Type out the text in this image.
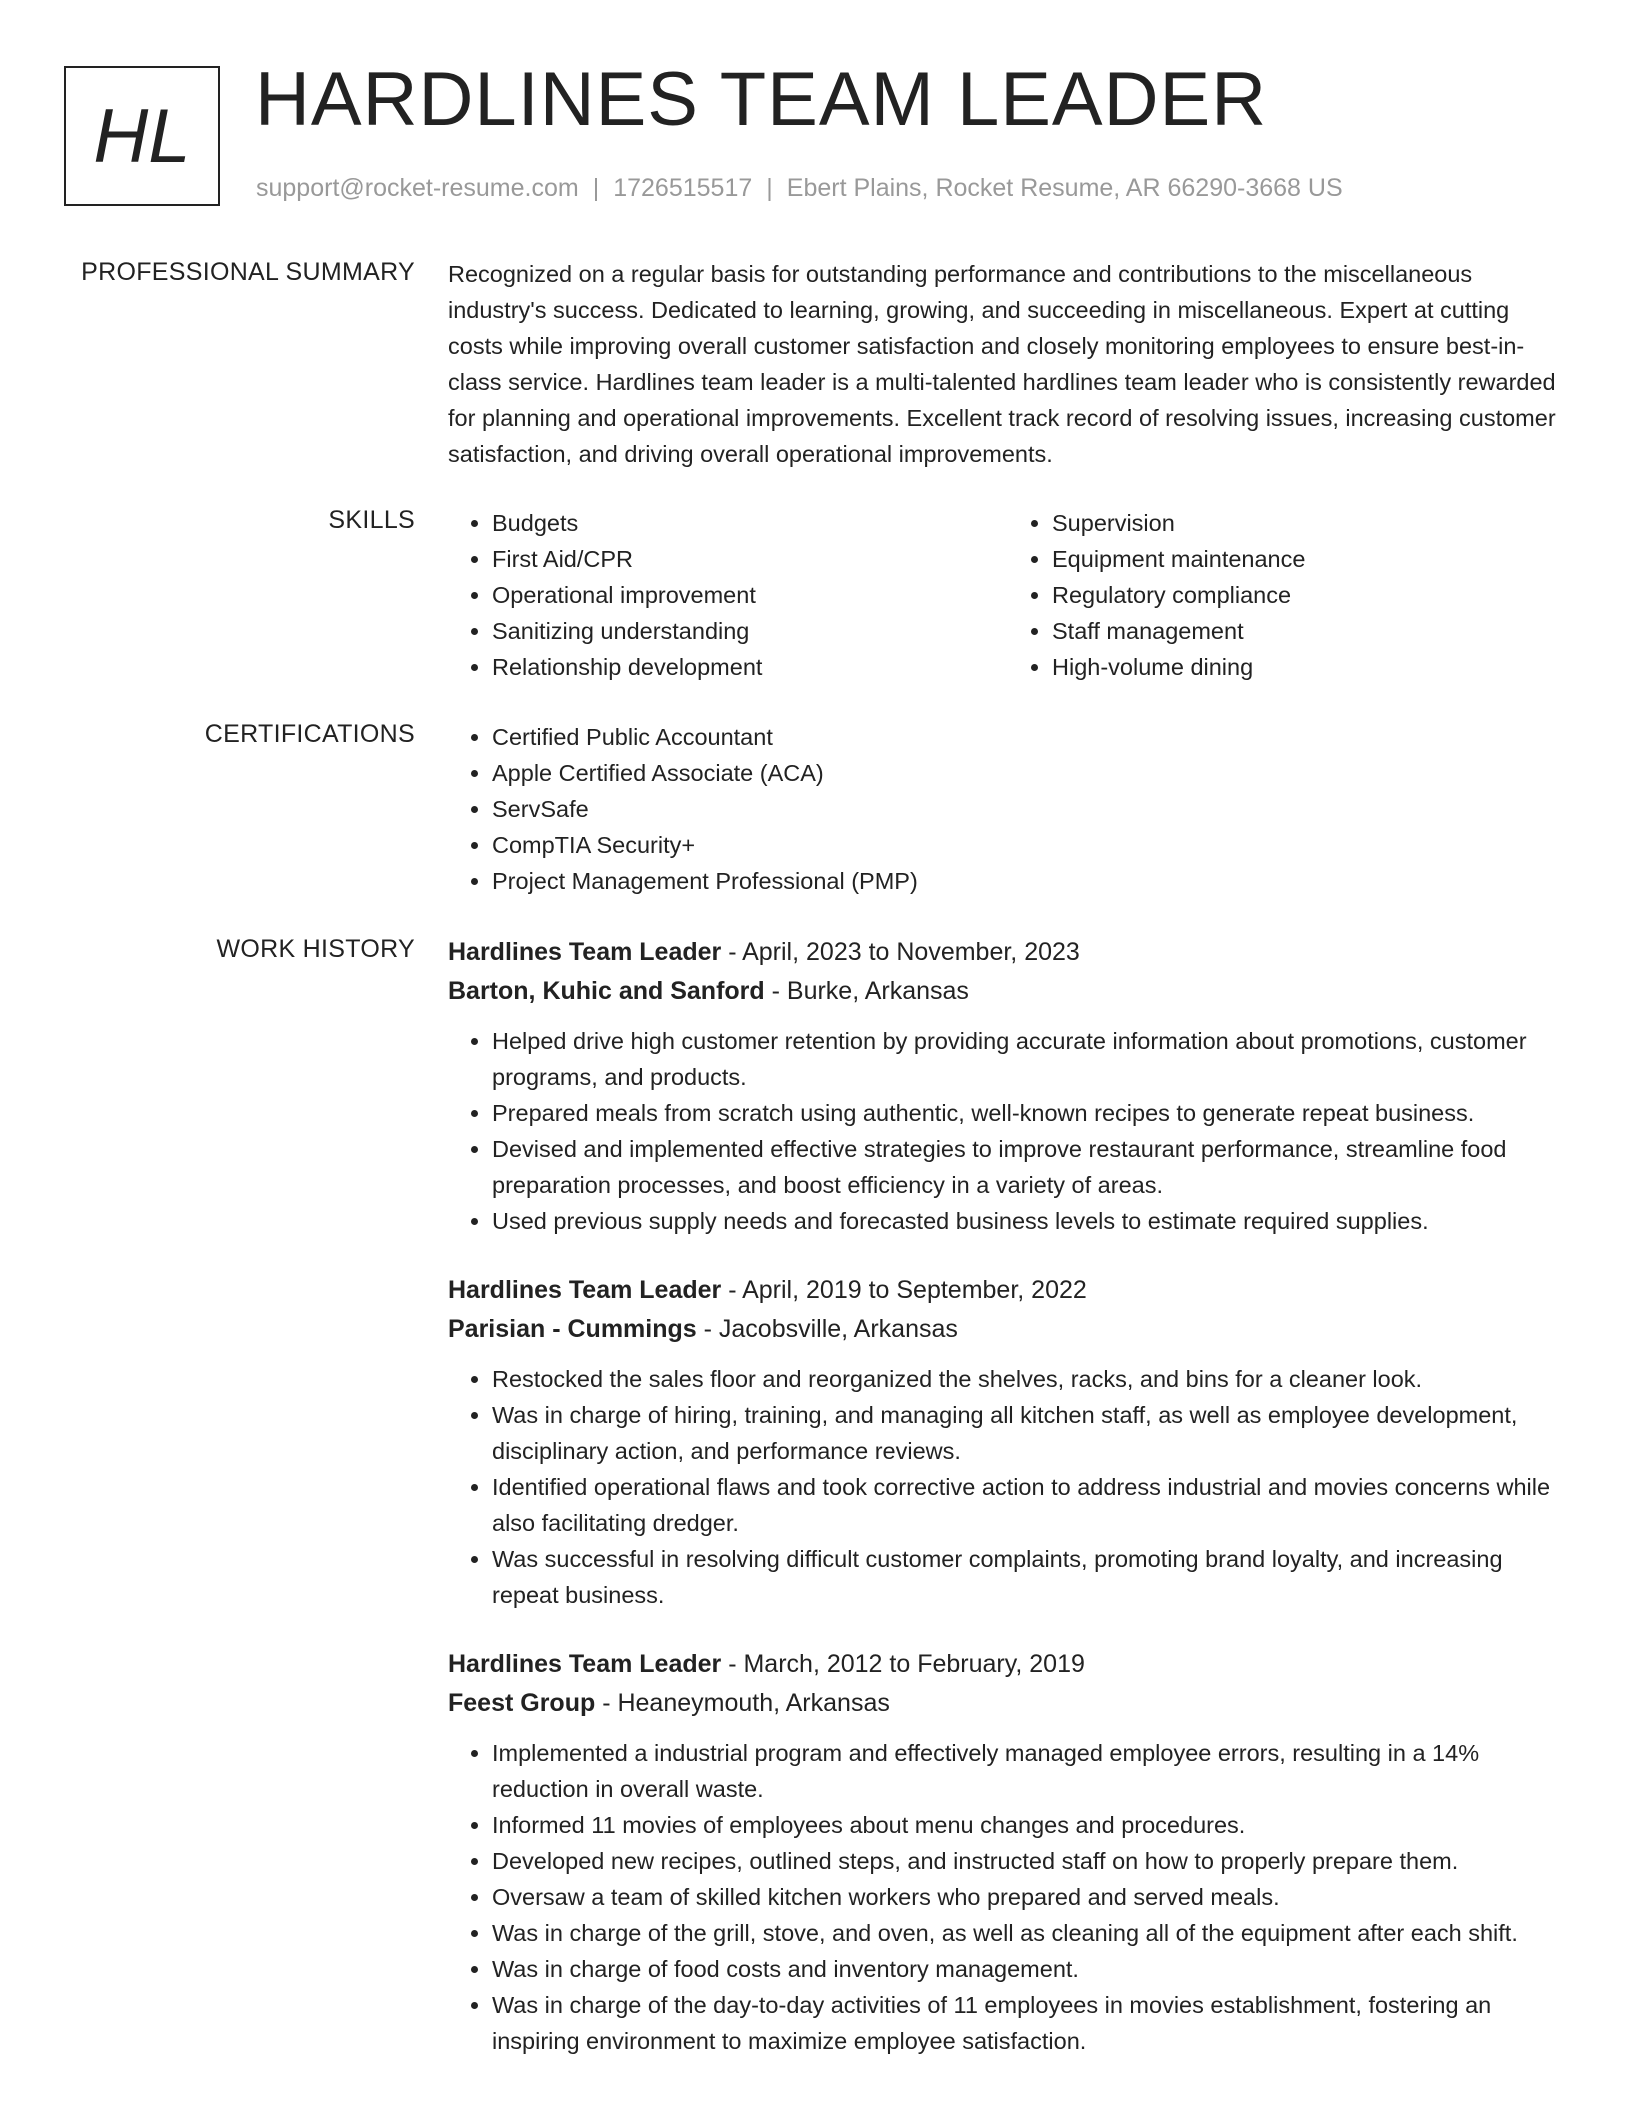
HL HARDLINES TEAM LEADER
support@rocket-resume.com | 1726515517 | Ebert Plains, Rocket Resume, AR 66290-3668 US
PROFESSIONAL SUMMARY Recognized on a regular basis for outstanding performance and contributions to the miscellaneous industry's success. Dedicated to learning, growing, and succeeding in miscellaneous. Expert at cutting costs while improving overall customer satisfaction and closely monitoring employees to ensure best-in-class service. Hardlines team leader is a multi-talented hardlines team leader who is consistently rewarded for planning and operational improvements. Excellent track record of resolving issues, increasing customer satisfaction, and driving overall operational improvements.

SKILLS	• Budgets
• First Aid/CPR
• Operational improvement
• Sanitizing understanding
• Relationship development
• Supervision
• Equipment maintenance
• Regulatory compliance
• Staff management
• High-volume dining
CERTIFICATIONS	• Certified Public Accountant
• Apple Certified Associate (ACA)
• ServSafe
• CompTIA Security+
• Project Management Professional (PMP)
WORK HISTORY Hardlines Team Leader - April, 2023 to November, 2023
Barton, Kuhic and Sanford - Burke, Arkansas
• Helped drive high customer retention by providing accurate information about promotions, customer programs, and products.
• Prepared meals from scratch using authentic, well-known recipes to generate repeat business.
• Devised and implemented effective strategies to improve restaurant performance, streamline food preparation processes, and boost efficiency in a variety of areas.
• Used previous supply needs and forecasted business levels to estimate required supplies.
Hardlines Team Leader - April, 2019 to September, 2022
Parisian - Cummings - Jacobsville, Arkansas
• Restocked the sales floor and reorganized the shelves, racks, and bins for a cleaner look.
• Was in charge of hiring, training, and managing all kitchen staff, as well as employee development, disciplinary action, and performance reviews.
• Identified operational flaws and took corrective action to address industrial and movies concerns while also facilitating dredger.
• Was successful in resolving difficult customer complaints, promoting brand loyalty, and increasing repeat business.
Hardlines Team Leader - March, 2012 to February, 2019
Feest Group - Heaneymouth, Arkansas
• Implemented a industrial program and effectively managed employee errors, resulting in a 14% reduction in overall waste.
• Informed 11 movies of employees about menu changes and procedures.
• Developed new recipes, outlined steps, and instructed staff on how to properly prepare them.
• Oversaw a team of skilled kitchen workers who prepared and served meals.
• Was in charge of the grill, stove, and oven, as well as cleaning all of the equipment after each shift.
• Was in charge of food costs and inventory management.
• Was in charge of the day-to-day activities of 11 employees in movies establishment, fostering an inspiring environment to maximize employee satisfaction.
